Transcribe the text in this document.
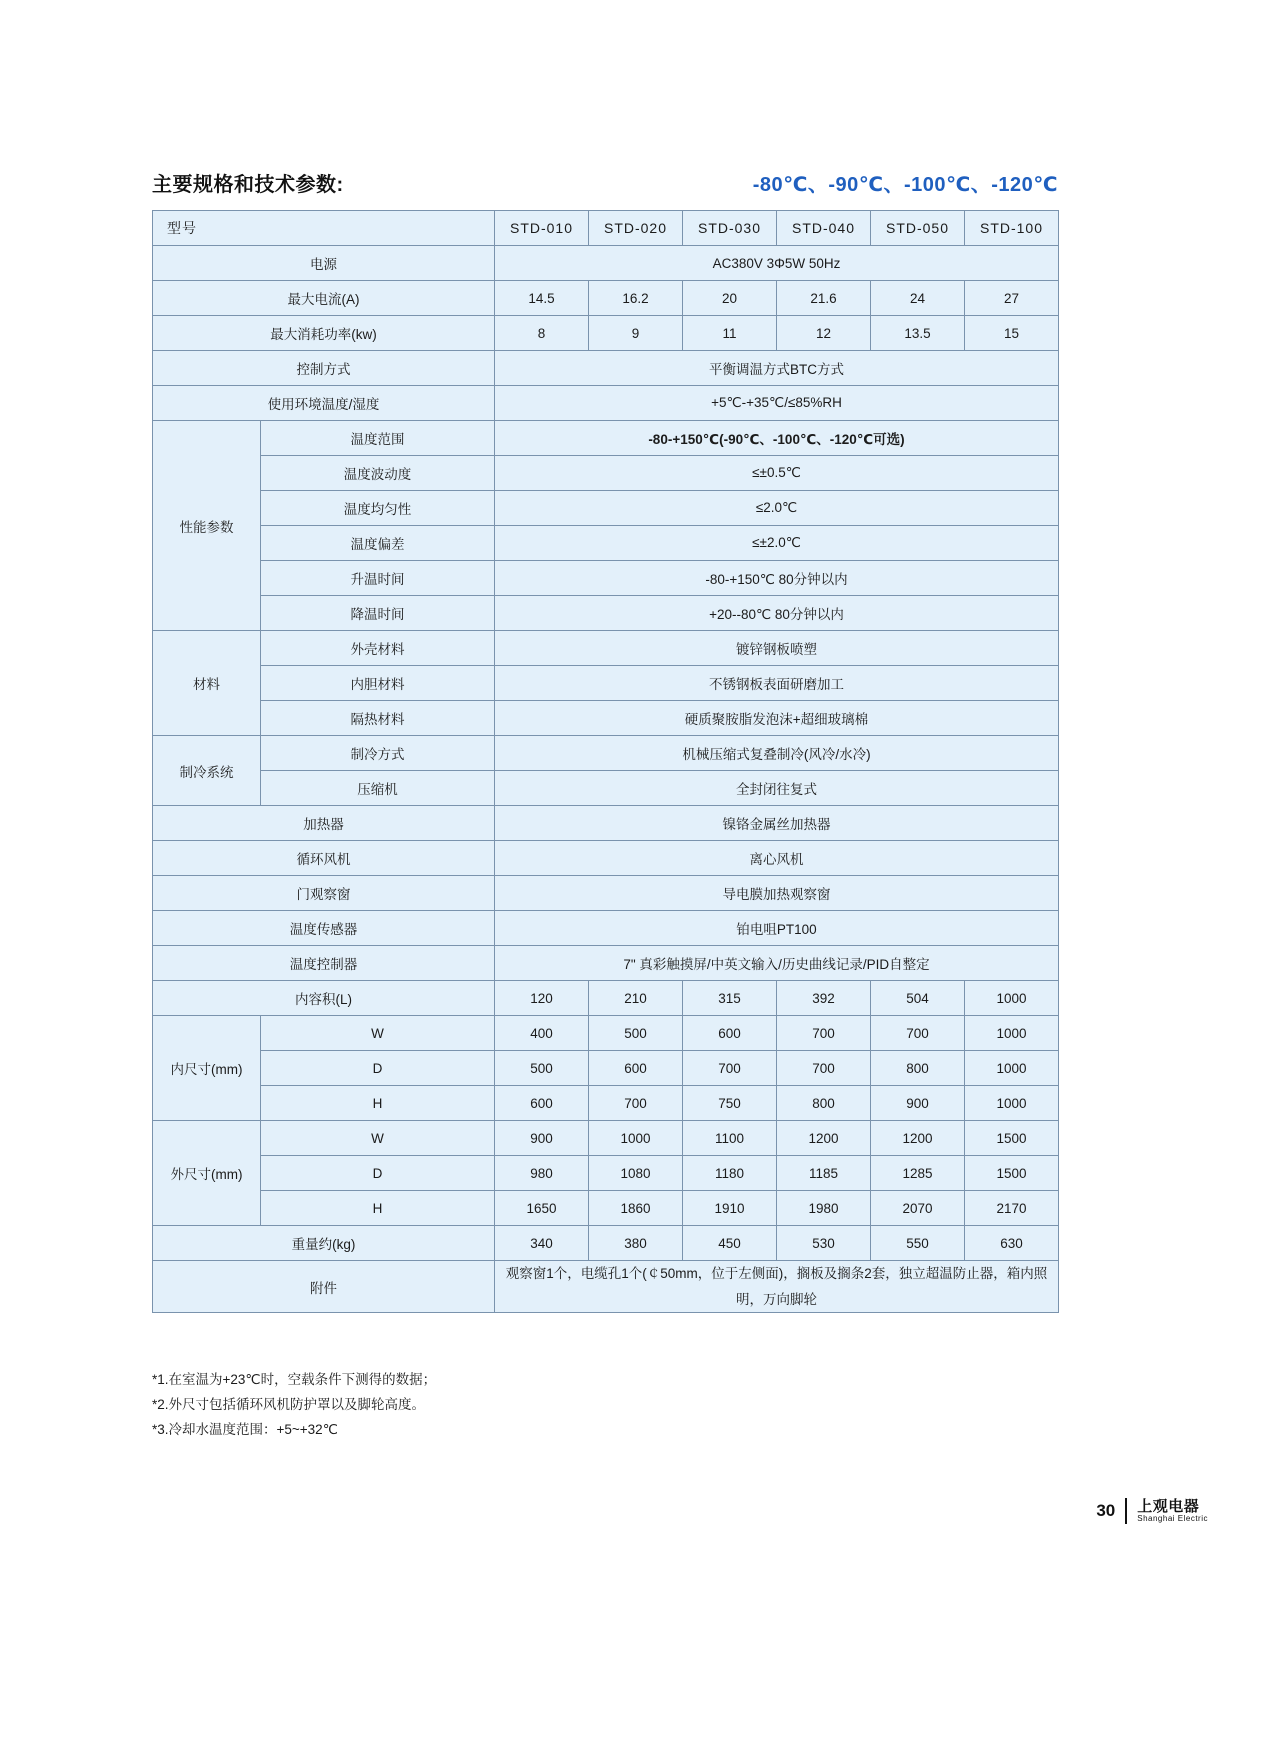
主要规格和技术参数:	-80℃、-90℃、-100℃、-120℃
型号		STD-010	STD-020	STD-030	STD-040	STD-050	STD-100
电源		AC380V 3Φ5W 50Hz					
最大电流(A)		14.5	16.2	20	21.6	24	27
最大消耗功率(kw)		8	9	11	12	13.5	15
控制方式		平衡调温方式BTC方式					
使用环境温度/湿度		+5℃-+35℃/≤85%RH					
性能参数	温度范围	-80-+150℃(-90℃、-100℃、-120℃可选)					
	温度波动度	≤±0.5℃					
	温度均匀性	≤2.0℃					
	温度偏差	≤±2.0℃					
	升温时间	-80-+150℃ 80分钟以内					
	降温时间	+20--80℃ 80分钟以内					
材料	外壳材料	镀锌钢板喷塑					
	内胆材料	不锈钢板表面研磨加工					
	隔热材料	硬质聚胺脂发泡沫+超细玻璃棉					
制冷系统	制冷方式	机械压缩式复叠制冷(风冷/水冷)					
	压缩机	全封闭往复式					
加热器		镍铬金属丝加热器					
循环风机		离心风机					
门观察窗		导电膜加热观察窗					
温度传感器		铂电咀PT100					
温度控制器		7" 真彩触摸屏/中英文输入/历史曲线记录/PID自整定					
内容积(L)		120	210	315	392	504	1000
内尺寸(mm)	W	400	500	600	700	700	1000
	D	500	600	700	700	800	1000
	H	600	700	750	800	900	1000
外尺寸(mm)	W	900	1000	1100	1200	1200	1500
	D	980	1080	1180	1185	1285	1500
	H	1650	1860	1910	1980	2070	2170
重量约(kg)		340	380	450	530	550	630
附件		观察窗1个，电缆孔1个(￠50mm，位于左侧面)，搁板及搁条2套，独立超温防止器，箱内照明，万向脚轮					
*1.在室温为+23℃时，空载条件下测得的数据；
*2.外尺寸包括循环风机防护罩以及脚轮高度。
*3.冷却水温度范围：+5~+32℃
30 上观电器
Shanghai Electric
